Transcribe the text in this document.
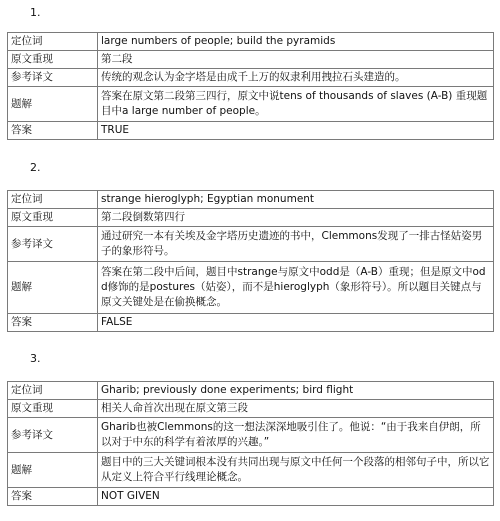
1.
定位词	large numbers of people; build the pyramids
原文重现	第二段
参考译文	传统的观念认为金字塔是由成千上万的奴隶利用拽拉石头建造的。
题解	答案在原文第二段第三四行，原文中说tens of thousands of slaves (A-B) 重现题目中a large number of people。
答案	TRUE
2.
定位词	strange hieroglyph; Egyptian monument
原文重现	第二段倒数第四行
参考译文	通过研究一本有关埃及金字塔历史遗迹的书中，Clemmons发现了一排古怪姑姿男子的象形符号。
题解	答案在第二段中后间，题目中strange与原文中odd是（A-B）重现；但是原文中odd修饰的是postures（姑姿），而不是hieroglyph（象形符号）。所以题目关键点与原文关键处是在偷换概念。
答案	FALSE
3.
定位词	Gharib; previously done experiments; bird flight
原文重现	相关人命首次出现在原文第三段
参考译文	Gharib也被Clemmons的这一想法深深地吸引住了。他说：“由于我来自伊朗，所以对于中东的科学有着浓厚的兴趣。”
题解	题目中的三大关键词根本没有共同出现与原文中任何一个段落的相邻句子中，所以它从定义上符合平行线理论概念。
答案	NOT GIVEN
